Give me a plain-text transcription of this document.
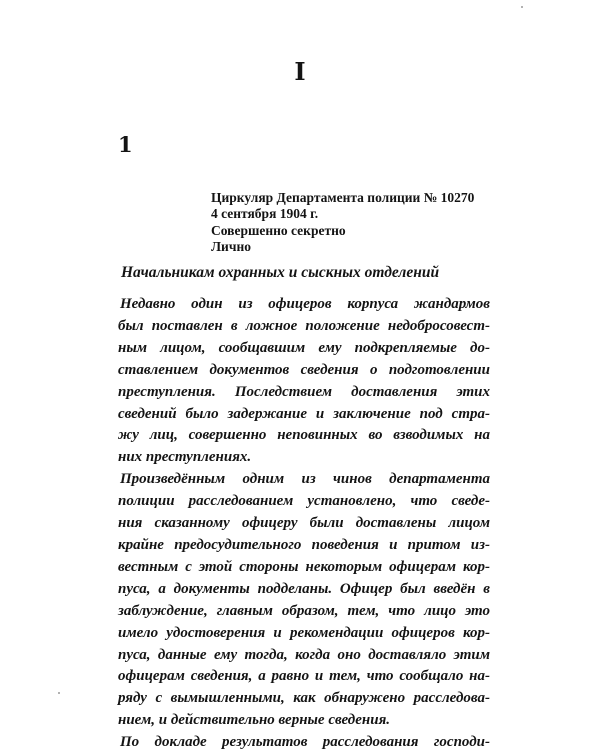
I
1
Циркуляр Департамента полиции № 10270
4 сентября 1904 г.
Совершенно секретно
Лично
Начальникам охранных и сыскных отделений
Недавно один из офицеров корпуса жандармов
был поставлен в ложное положение недобросовест-
ным лицом, сообщавшим ему подкрепляемые до-
ставлением документов сведения о подготовлении
преступления. Последствием доставления этих
сведений было задержание и заключение под стра-
жу лиц, совершенно неповинных во взводимых на
них преступлениях.
Произведённым одним из чинов департамента
полиции расследованием установлено, что сведе-
ния сказанному офицеру были доставлены лицом
крайне предосудительного поведения и притом из-
вестным с этой стороны некоторым офицерам кор-
пуса, а документы подделаны. Офицер был введён в
заблуждение, главным образом, тем, что лицо это
имело удостоверения и рекомендации офицеров кор-
пуса, данные ему тогда, когда оно доставляло этим
офицерам сведения, а равно и тем, что сообщало на-
ряду с вымышленными, как обнаружено расследова-
нием, и действительно верные сведения.
По докладе результатов расследования господи-
